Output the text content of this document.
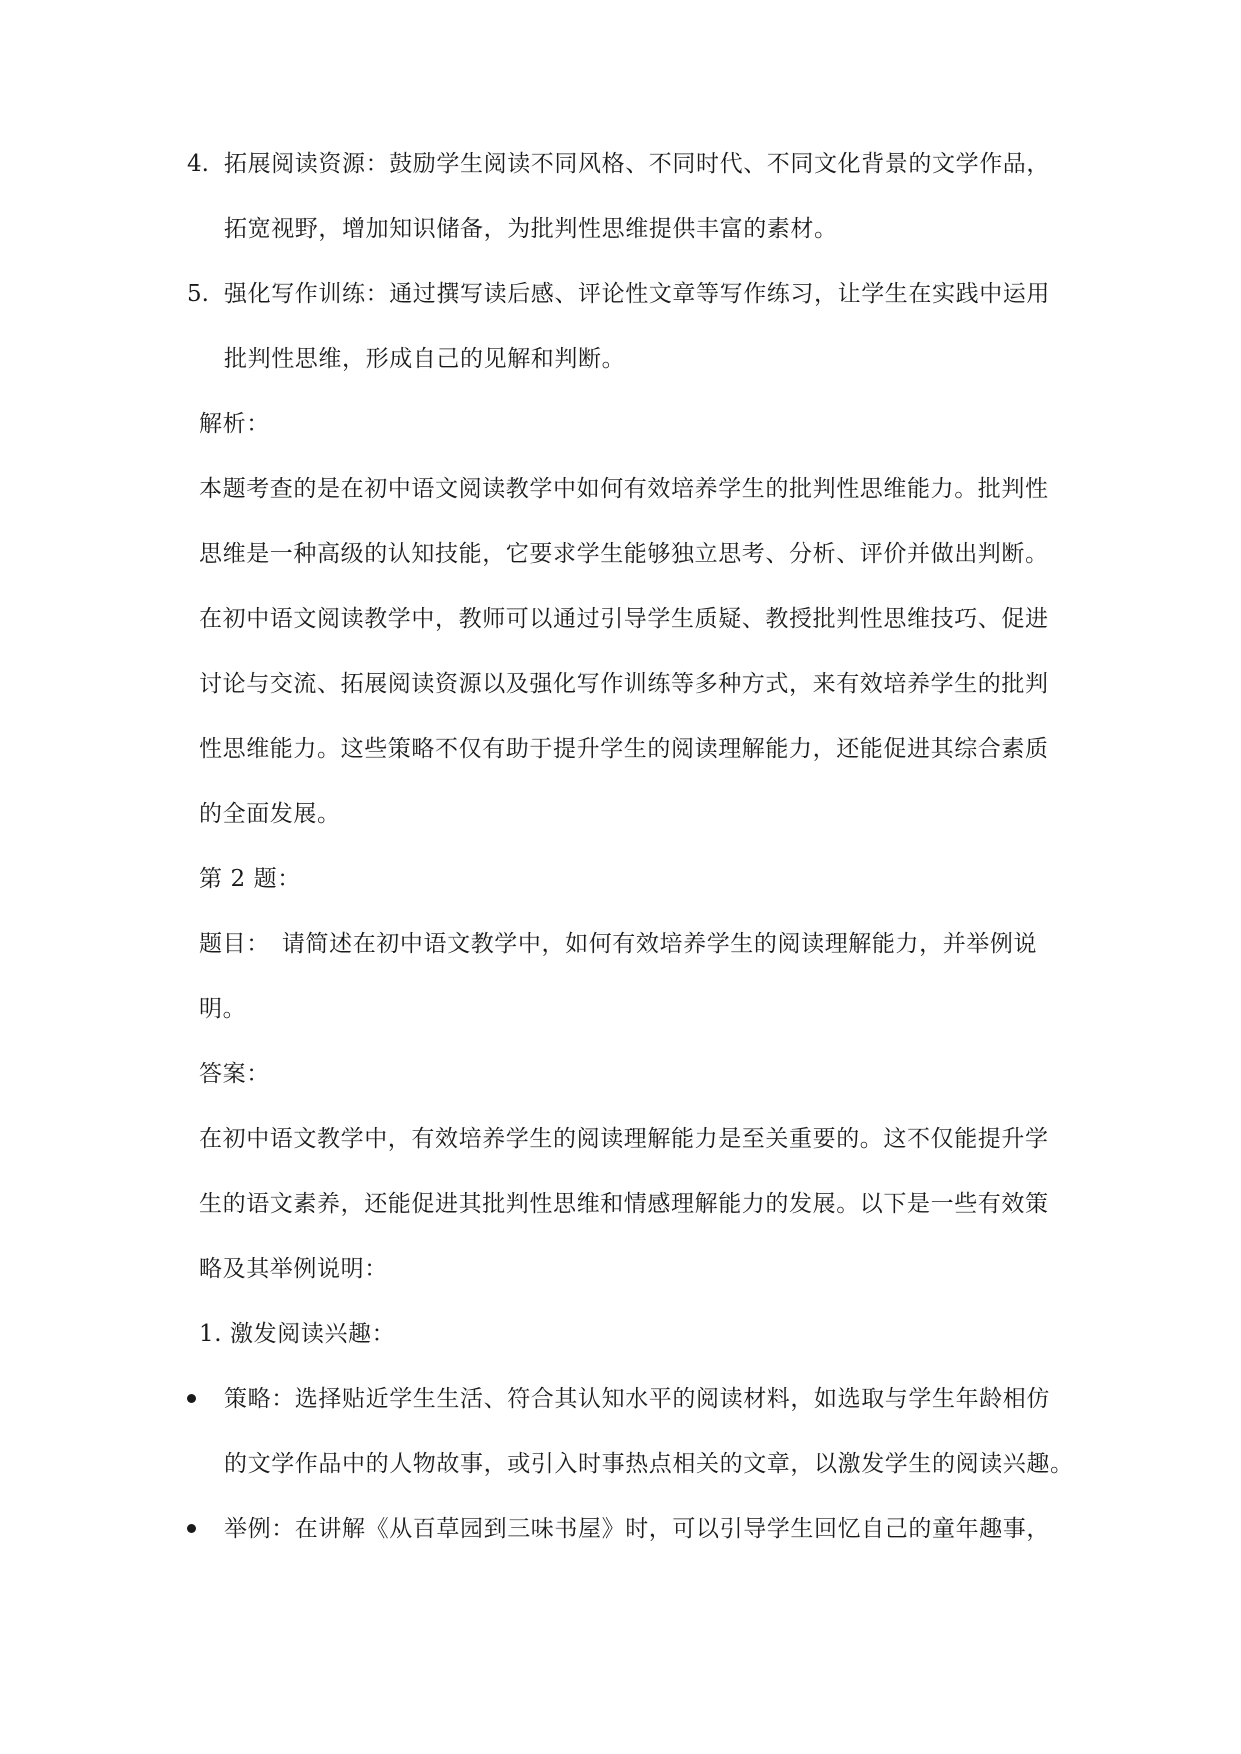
4. 拓展阅读资源：鼓励学生阅读不同风格、不同时代、不同文化背景的文学作品，
拓宽视野，增加知识储备，为批判性思维提供丰富的素材。
5. 强化写作训练：通过撰写读后感、评论性文章等写作练习，让学生在实践中运用
批判性思维，形成自己的见解和判断。
解析：
本题考查的是在初中语文阅读教学中如何有效培养学生的批判性思维能力。批判性
思维是一种高级的认知技能，它要求学生能够独立思考、分析、评价并做出判断。
在初中语文阅读教学中，教师可以通过引导学生质疑、教授批判性思维技巧、促进
讨论与交流、拓展阅读资源以及强化写作训练等多种方式，来有效培养学生的批判
性思维能力。这些策略不仅有助于提升学生的阅读理解能力，还能促进其综合素质
的全面发展。
第 2 题：
题目：　请简述在初中语文教学中，如何有效培养学生的阅读理解能力，并举例说
明。
答案：
在初中语文教学中，有效培养学生的阅读理解能力是至关重要的。这不仅能提升学
生的语文素养，还能促进其批判性思维和情感理解能力的发展。以下是一些有效策
略及其举例说明：
1. 激发阅读兴趣：
策略：选择贴近学生生活、符合其认知水平的阅读材料，如选取与学生年龄相仿
的文学作品中的人物故事，或引入时事热点相关的文章，以激发学生的阅读兴趣。
举例：在讲解《从百草园到三味书屋》时，可以引导学生回忆自己的童年趣事，
